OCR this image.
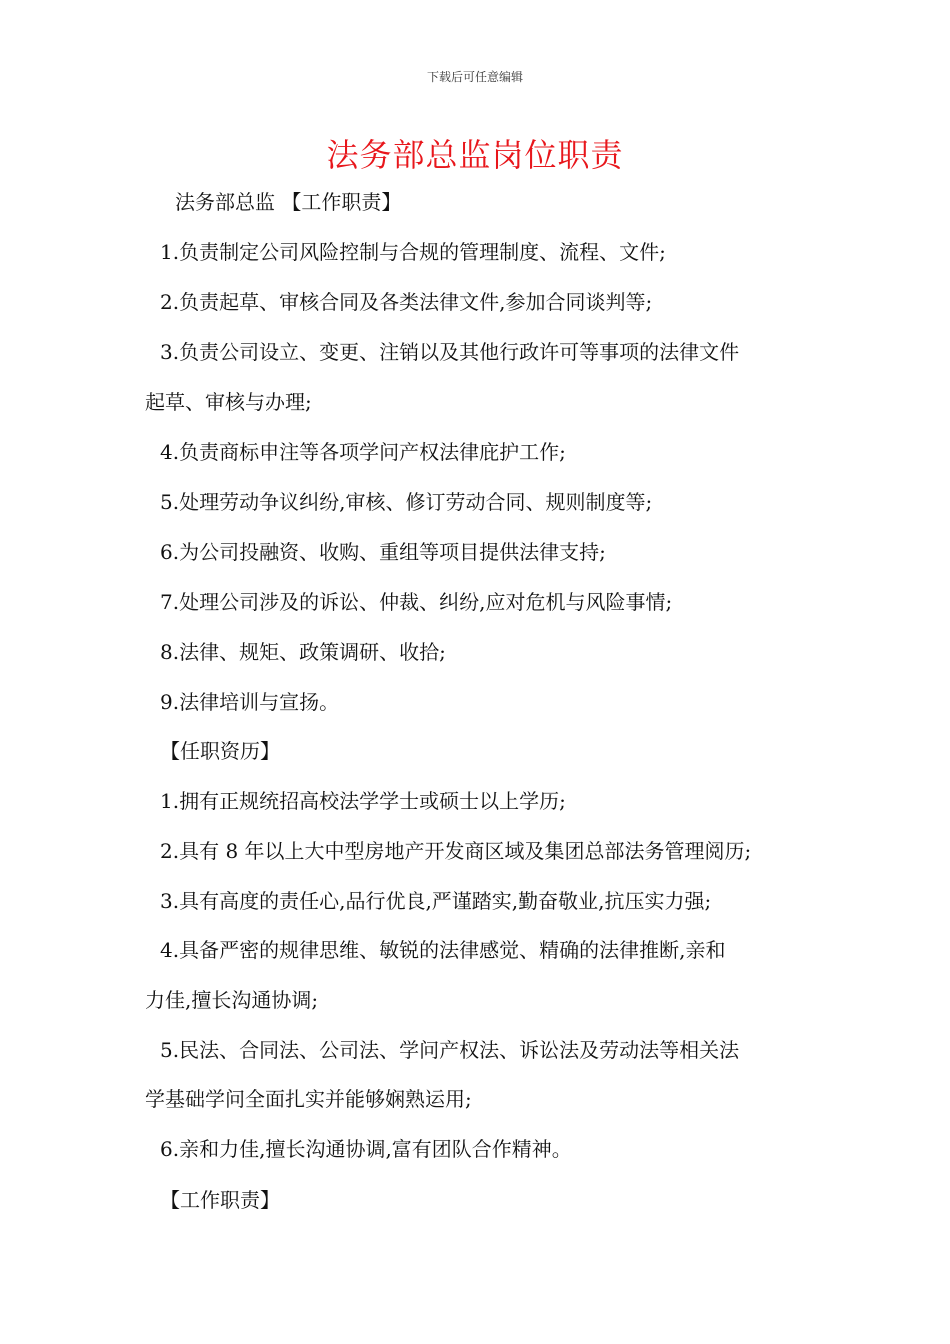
下载后可任意编辑
法务部总监岗位职责
法务部总监 【工作职责】
1.负责制定公司风险控制与合规的管理制度、流程、文件;
2.负责起草、审核合同及各类法律文件,参加合同谈判等;
3.负责公司设立、变更、注销以及其他行政许可等事项的法律文件
起草、审核与办理;
4.负责商标申注等各项学问产权法律庇护工作;
5.处理劳动争议纠纷,审核、修订劳动合同、规则制度等;
6.为公司投融资、收购、重组等项目提供法律支持;
7.处理公司涉及的诉讼、仲裁、纠纷,应对危机与风险事情;
8.法律、规矩、政策调研、收拾;
9.法律培训与宣扬。
【任职资历】
1.拥有正规统招高校法学学士或硕士以上学历;
2.具有 8 年以上大中型房地产开发商区域及集团总部法务管理阅历;
3.具有高度的责任心,品行优良,严谨踏实,勤奋敬业,抗压实力强;
4.具备严密的规律思维、敏锐的法律感觉、精确的法律推断,亲和
力佳,擅长沟通协调;
5.民法、合同法、公司法、学问产权法、诉讼法及劳动法等相关法
学基础学问全面扎实并能够娴熟运用;
6.亲和力佳,擅长沟通协调,富有团队合作精神。
【工作职责】
